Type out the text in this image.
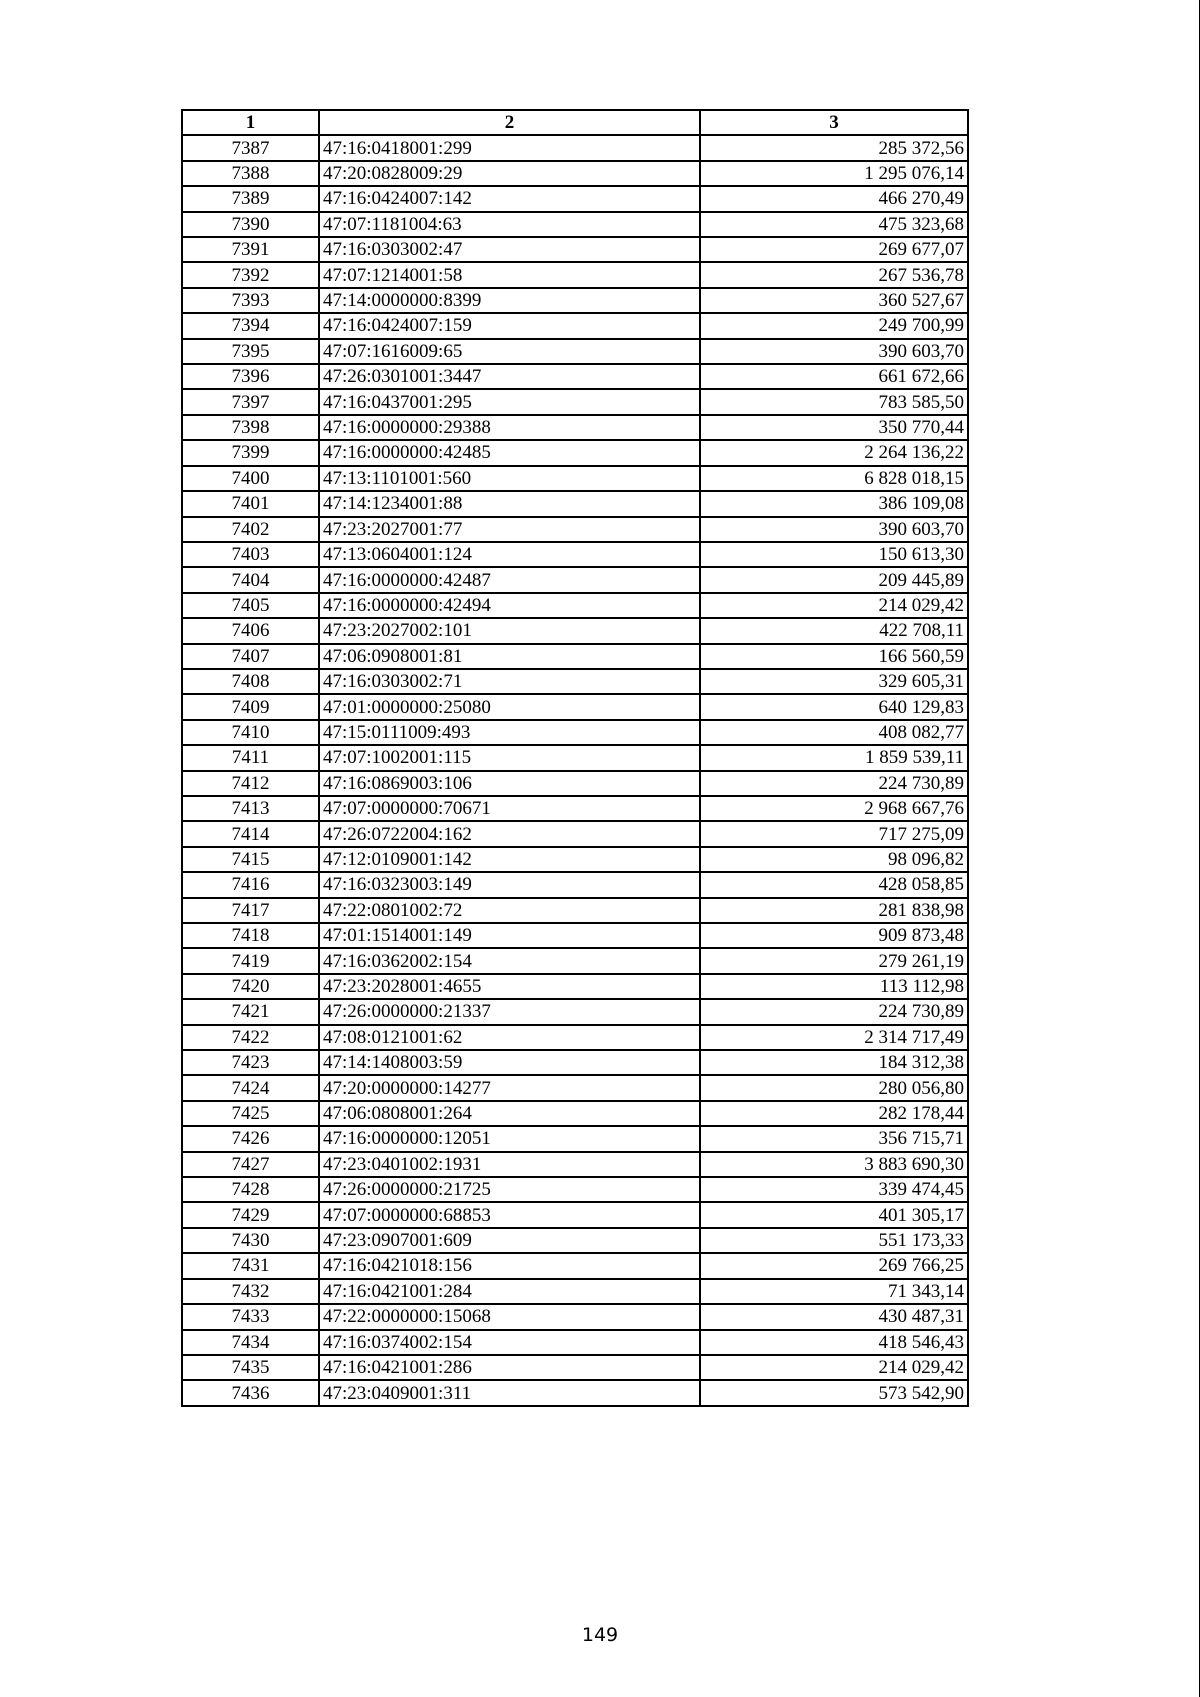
1	2	3
7387	47:16:0418001:299	285 372,56
7388	47:20:0828009:29	1 295 076,14
7389	47:16:0424007:142	466 270,49
7390	47:07:1181004:63	475 323,68
7391	47:16:0303002:47	269 677,07
7392	47:07:1214001:58	267 536,78
7393	47:14:0000000:8399	360 527,67
7394	47:16:0424007:159	249 700,99
7395	47:07:1616009:65	390 603,70
7396	47:26:0301001:3447	661 672,66
7397	47:16:0437001:295	783 585,50
7398	47:16:0000000:29388	350 770,44
7399	47:16:0000000:42485	2 264 136,22
7400	47:13:1101001:560	6 828 018,15
7401	47:14:1234001:88	386 109,08
7402	47:23:2027001:77	390 603,70
7403	47:13:0604001:124	150 613,30
7404	47:16:0000000:42487	209 445,89
7405	47:16:0000000:42494	214 029,42
7406	47:23:2027002:101	422 708,11
7407	47:06:0908001:81	166 560,59
7408	47:16:0303002:71	329 605,31
7409	47:01:0000000:25080	640 129,83
7410	47:15:0111009:493	408 082,77
7411	47:07:1002001:115	1 859 539,11
7412	47:16:0869003:106	224 730,89
7413	47:07:0000000:70671	2 968 667,76
7414	47:26:0722004:162	717 275,09
7415	47:12:0109001:142	98 096,82
7416	47:16:0323003:149	428 058,85
7417	47:22:0801002:72	281 838,98
7418	47:01:1514001:149	909 873,48
7419	47:16:0362002:154	279 261,19
7420	47:23:2028001:4655	113 112,98
7421	47:26:0000000:21337	224 730,89
7422	47:08:0121001:62	2 314 717,49
7423	47:14:1408003:59	184 312,38
7424	47:20:0000000:14277	280 056,80
7425	47:06:0808001:264	282 178,44
7426	47:16:0000000:12051	356 715,71
7427	47:23:0401002:1931	3 883 690,30
7428	47:26:0000000:21725	339 474,45
7429	47:07:0000000:68853	401 305,17
7430	47:23:0907001:609	551 173,33
7431	47:16:0421018:156	269 766,25
7432	47:16:0421001:284	71 343,14
7433	47:22:0000000:15068	430 487,31
7434	47:16:0374002:154	418 546,43
7435	47:16:0421001:286	214 029,42
7436	47:23:0409001:311	573 542,90
149
